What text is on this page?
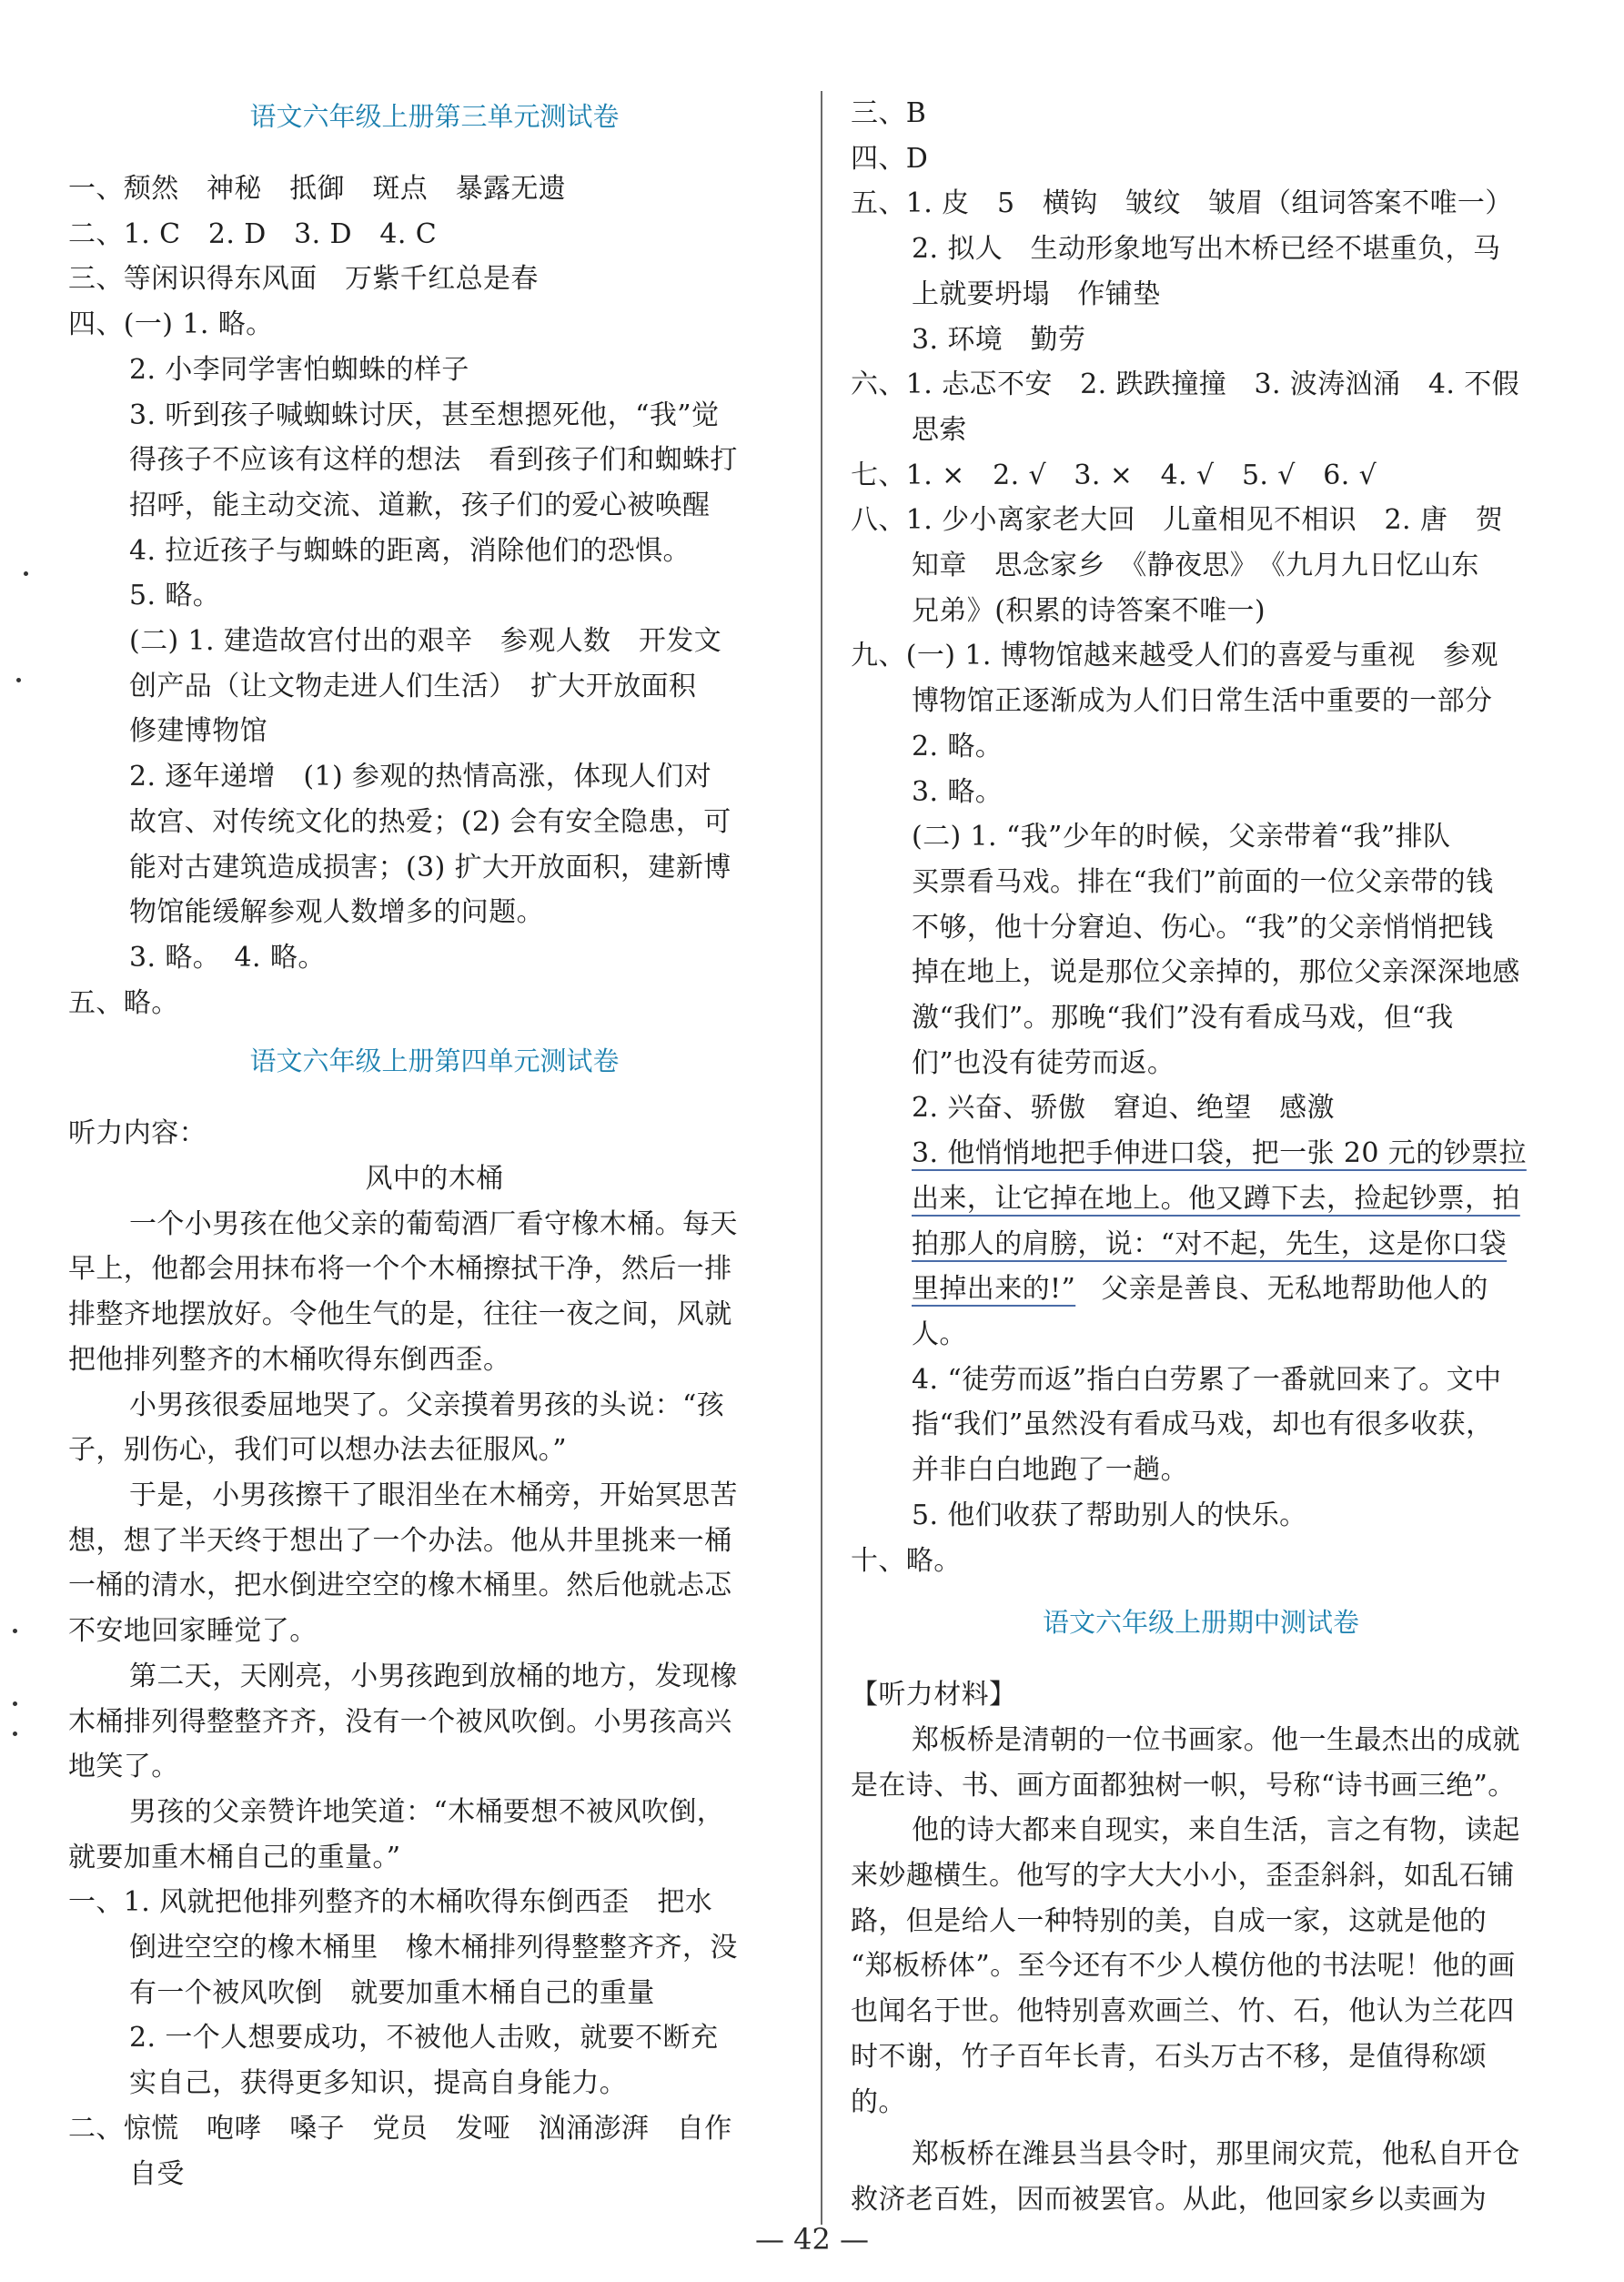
语文六年级上册第三单元测试卷
一、颓然　神秘　抵御　斑点　暴露无遗
二、1. C　2. D　3. D　4. C
三、等闲识得东风面　万紫千红总是春
四、(一) 1. 略。
2. 小李同学害怕蜘蛛的样子
3. 听到孩子喊蜘蛛讨厌，甚至想摁死他，“我”觉
得孩子不应该有这样的想法　看到孩子们和蜘蛛打
招呼，能主动交流、道歉，孩子们的爱心被唤醒
4. 拉近孩子与蜘蛛的距离，消除他们的恐惧。
5. 略。
(二) 1. 建造故宫付出的艰辛　参观人数　开发文
创产品（让文物走进人们生活）　扩大开放面积
修建博物馆
2. 逐年递增　(1) 参观的热情高涨，体现人们对
故宫、对传统文化的热爱；(2) 会有安全隐患，可
能对古建筑造成损害；(3) 扩大开放面积，建新博
物馆能缓解参观人数增多的问题。
3. 略。　4. 略。
五、略。
语文六年级上册第四单元测试卷
听力内容：
风中的木桶
一个小男孩在他父亲的葡萄酒厂看守橡木桶。每天
早上，他都会用抹布将一个个木桶擦拭干净，然后一排
排整齐地摆放好。令他生气的是，往往一夜之间，风就
把他排列整齐的木桶吹得东倒西歪。
小男孩很委屈地哭了。父亲摸着男孩的头说：“孩
子，别伤心，我们可以想办法去征服风。”
于是，小男孩擦干了眼泪坐在木桶旁，开始冥思苦
想，想了半天终于想出了一个办法。他从井里挑来一桶
一桶的清水，把水倒进空空的橡木桶里。然后他就忐忑
不安地回家睡觉了。
第二天，天刚亮，小男孩跑到放桶的地方，发现橡
木桶排列得整整齐齐，没有一个被风吹倒。小男孩高兴
地笑了。
男孩的父亲赞许地笑道：“木桶要想不被风吹倒，
就要加重木桶自己的重量。”
一、1. 风就把他排列整齐的木桶吹得东倒西歪　把水
倒进空空的橡木桶里　橡木桶排列得整整齐齐，没
有一个被风吹倒　就要加重木桶自己的重量
2. 一个人想要成功，不被他人击败，就要不断充
实自己，获得更多知识，提高自身能力。
二、惊慌　咆哮　嗓子　党员　发哑　汹涌澎湃　自作
自受
三、B
四、D
五、1. 皮　5　横钩　皱纹　皱眉（组词答案不唯一）
2. 拟人　生动形象地写出木桥已经不堪重负，马
上就要坍塌　作铺垫
3. 环境　勤劳
六、1. 忐忑不安　2. 跌跌撞撞　3. 波涛汹涌　4. 不假
思索
七、1. ×　2. √　3. ×　4. √　5. √　6. √
八、1. 少小离家老大回　儿童相见不相识　2. 唐　贺
知章　思念家乡　《静夜思》　《九月九日忆山东
兄弟》(积累的诗答案不唯一)
九、(一) 1. 博物馆越来越受人们的喜爱与重视　参观
博物馆正逐渐成为人们日常生活中重要的一部分
2. 略。
3. 略。
(二) 1. “我”少年的时候，父亲带着“我”排队
买票看马戏。排在“我们”前面的一位父亲带的钱
不够，他十分窘迫、伤心。“我”的父亲悄悄把钱
掉在地上，说是那位父亲掉的，那位父亲深深地感
激“我们”。那晚“我们”没有看成马戏，但“我
们”也没有徒劳而返。
2. 兴奋、骄傲　窘迫、绝望　感激
3. 他悄悄地把手伸进口袋，把一张 20 元的钞票拉
出来，让它掉在地上。他又蹲下去，捡起钞票，拍
拍那人的肩膀，说：“对不起，先生，这是你口袋
里掉出来的!” 父亲是善良、无私地帮助他人的
人。
4. “徒劳而返”指白白劳累了一番就回来了。文中
指“我们”虽然没有看成马戏，却也有很多收获，
并非白白地跑了一趟。
5. 他们收获了帮助别人的快乐。
十、略。
语文六年级上册期中测试卷
【听力材料】
郑板桥是清朝的一位书画家。他一生最杰出的成就
是在诗、书、画方面都独树一帜，号称“诗书画三绝”。
他的诗大都来自现实，来自生活，言之有物，读起
来妙趣横生。他写的字大大小小，歪歪斜斜，如乱石铺
路，但是给人一种特别的美，自成一家，这就是他的
“郑板桥体”。至今还有不少人模仿他的书法呢！他的画
也闻名于世。他特别喜欢画兰、竹、石，他认为兰花四
时不谢，竹子百年长青，石头万古不移，是值得称颂
的。
郑板桥在潍县当县令时，那里闹灾荒，他私自开仓
救济老百姓，因而被罢官。从此，他回家乡以卖画为
— 42 —
